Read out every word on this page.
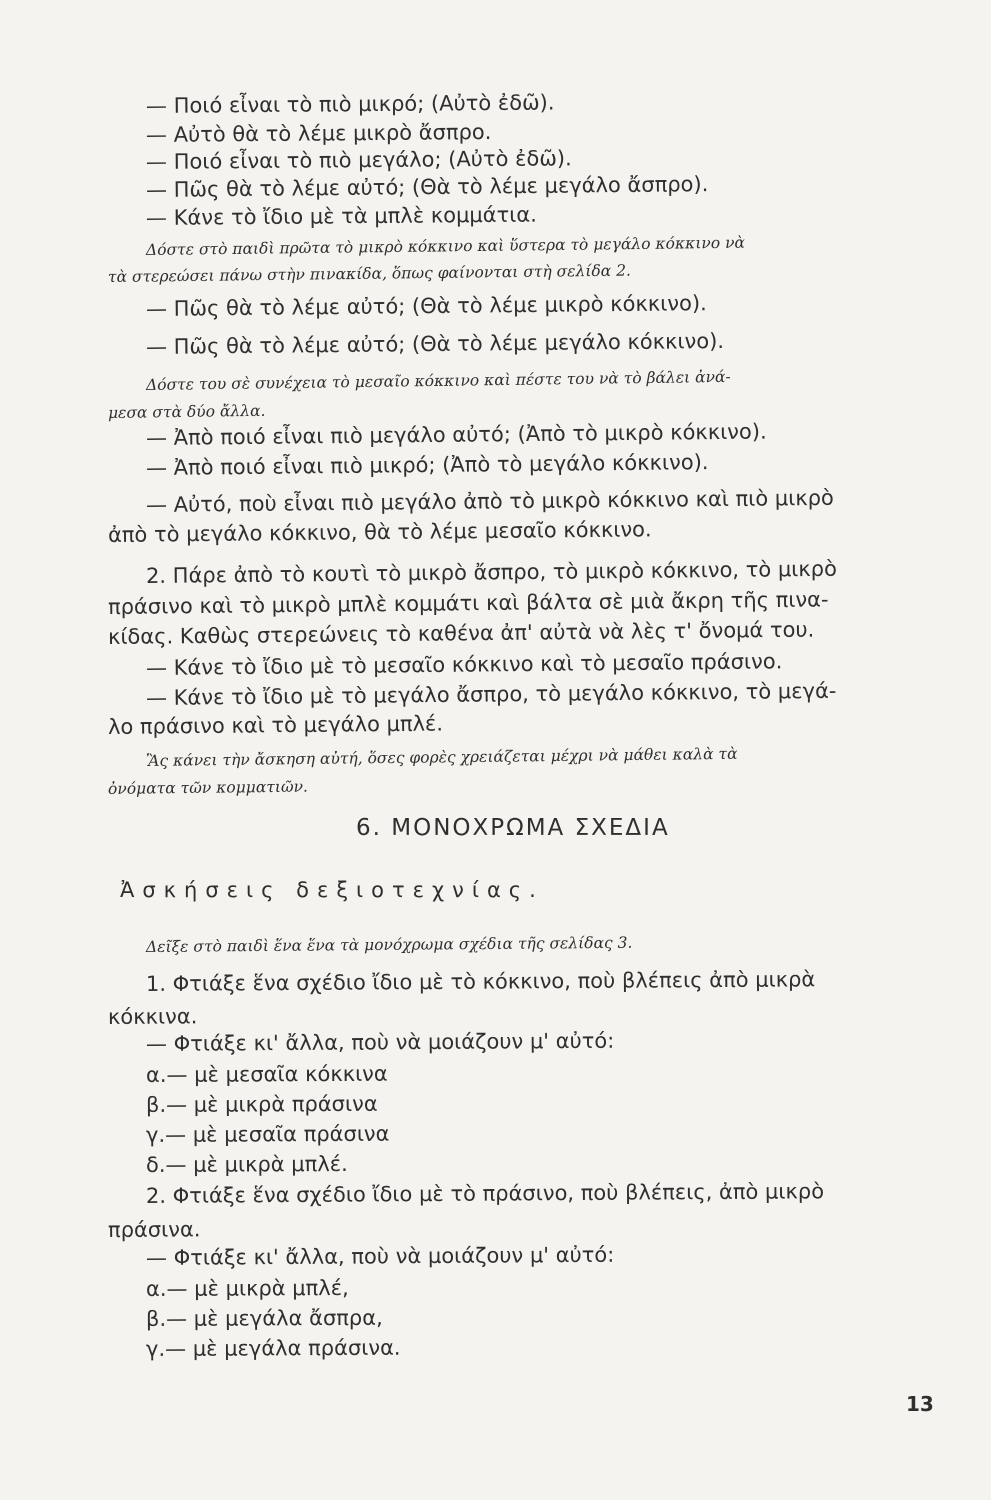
— Ποιό εἶναι τὸ πιὸ μικρό; (Αὐτὸ ἐδῶ).
— Αὐτὸ θὰ τὸ λέμε μικρὸ ἄσπρο.
— Ποιό εἶναι τὸ πιὸ μεγάλο; (Αὐτὸ ἐδῶ).
— Πῶς θὰ τὸ λέμε αὐτό; (Θὰ τὸ λέμε μεγάλο ἄσπρο).
— Κάνε τὸ ἴδιο μὲ τὰ μπλὲ κομμάτια.
Δόστε στὸ παιδὶ πρῶτα τὸ μικρὸ κόκκινο καὶ ὕστερα τὸ μεγάλο κόκκινο νὰ
τὰ στερεώσει πάνω στὴν πινακίδα, ὅπως φαίνονται στὴ σελίδα 2.
— Πῶς θὰ τὸ λέμε αὐτό; (Θὰ τὸ λέμε μικρὸ κόκκινο).
— Πῶς θὰ τὸ λέμε αὐτό; (Θὰ τὸ λέμε μεγάλο κόκκινο).
Δόστε του σὲ συνέχεια τὸ μεσαῖο κόκκινο καὶ πέστε του νὰ τὸ βάλει ἀνά-
μεσα στὰ δύο ἄλλα.
— Ἀπὸ ποιό εἶναι πιὸ μεγάλο αὐτό; (Ἀπὸ τὸ μικρὸ κόκκινο).
— Ἀπὸ ποιό εἶναι πιὸ μικρό; (Ἀπὸ τὸ μεγάλο κόκκινο).
— Αὐτό, ποὺ εἶναι πιὸ μεγάλο ἀπὸ τὸ μικρὸ κόκκινο καὶ πιὸ μικρὸ
ἀπὸ τὸ μεγάλο κόκκινο, θὰ τὸ λέμε μεσαῖο κόκκινο.
2. Πάρε ἀπὸ τὸ κουτὶ τὸ μικρὸ ἄσπρο, τὸ μικρὸ κόκκινο, τὸ μικρὸ
πράσινο καὶ τὸ μικρὸ μπλὲ κομμάτι καὶ βάλτα σὲ μιὰ ἄκρη τῆς πινα-
κίδας. Καθὼς στερεώνεις τὸ καθένα ἀπ' αὐτὰ νὰ λὲς τ' ὄνομά του.
— Κάνε τὸ ἴδιο μὲ τὸ μεσαῖο κόκκινο καὶ τὸ μεσαῖο πράσινο.
— Κάνε τὸ ἴδιο μὲ τὸ μεγάλο ἄσπρο, τὸ μεγάλο κόκκινο, τὸ μεγά-
λο πράσινο καὶ τὸ μεγάλο μπλέ.
Ἂς κάνει τὴν ἄσκηση αὐτή, ὅσες φορὲς χρειάζεται μέχρι νὰ μάθει καλὰ τὰ
ὀνόματα τῶν κομματιῶν.
6. ΜΟΝΟΧΡΩΜΑ ΣΧΕΔΙΑ
Ἀσκήσεις δεξιοτεχνίας.
Δεῖξε στὸ παιδὶ ἕνα ἕνα τὰ μονόχρωμα σχέδια τῆς σελίδας 3.
1. Φτιάξε ἕνα σχέδιο ἴδιο μὲ τὸ κόκκινο, ποὺ βλέπεις ἀπὸ μικρὰ
κόκκινα.
— Φτιάξε κι' ἄλλα, ποὺ νὰ μοιάζουν μ' αὐτό:
α.— μὲ μεσαῖα κόκκινα
β.— μὲ μικρὰ πράσινα
γ.— μὲ μεσαῖα πράσινα
δ.— μὲ μικρὰ μπλέ.
2. Φτιάξε ἕνα σχέδιο ἴδιο μὲ τὸ πράσινο, ποὺ βλέπεις, ἀπὸ μικρὸ
πράσινα.
— Φτιάξε κι' ἄλλα, ποὺ νὰ μοιάζουν μ' αὐτό:
α.— μὲ μικρὰ μπλέ,
β.— μὲ μεγάλα ἄσπρα,
γ.— μὲ μεγάλα πράσινα.
13
